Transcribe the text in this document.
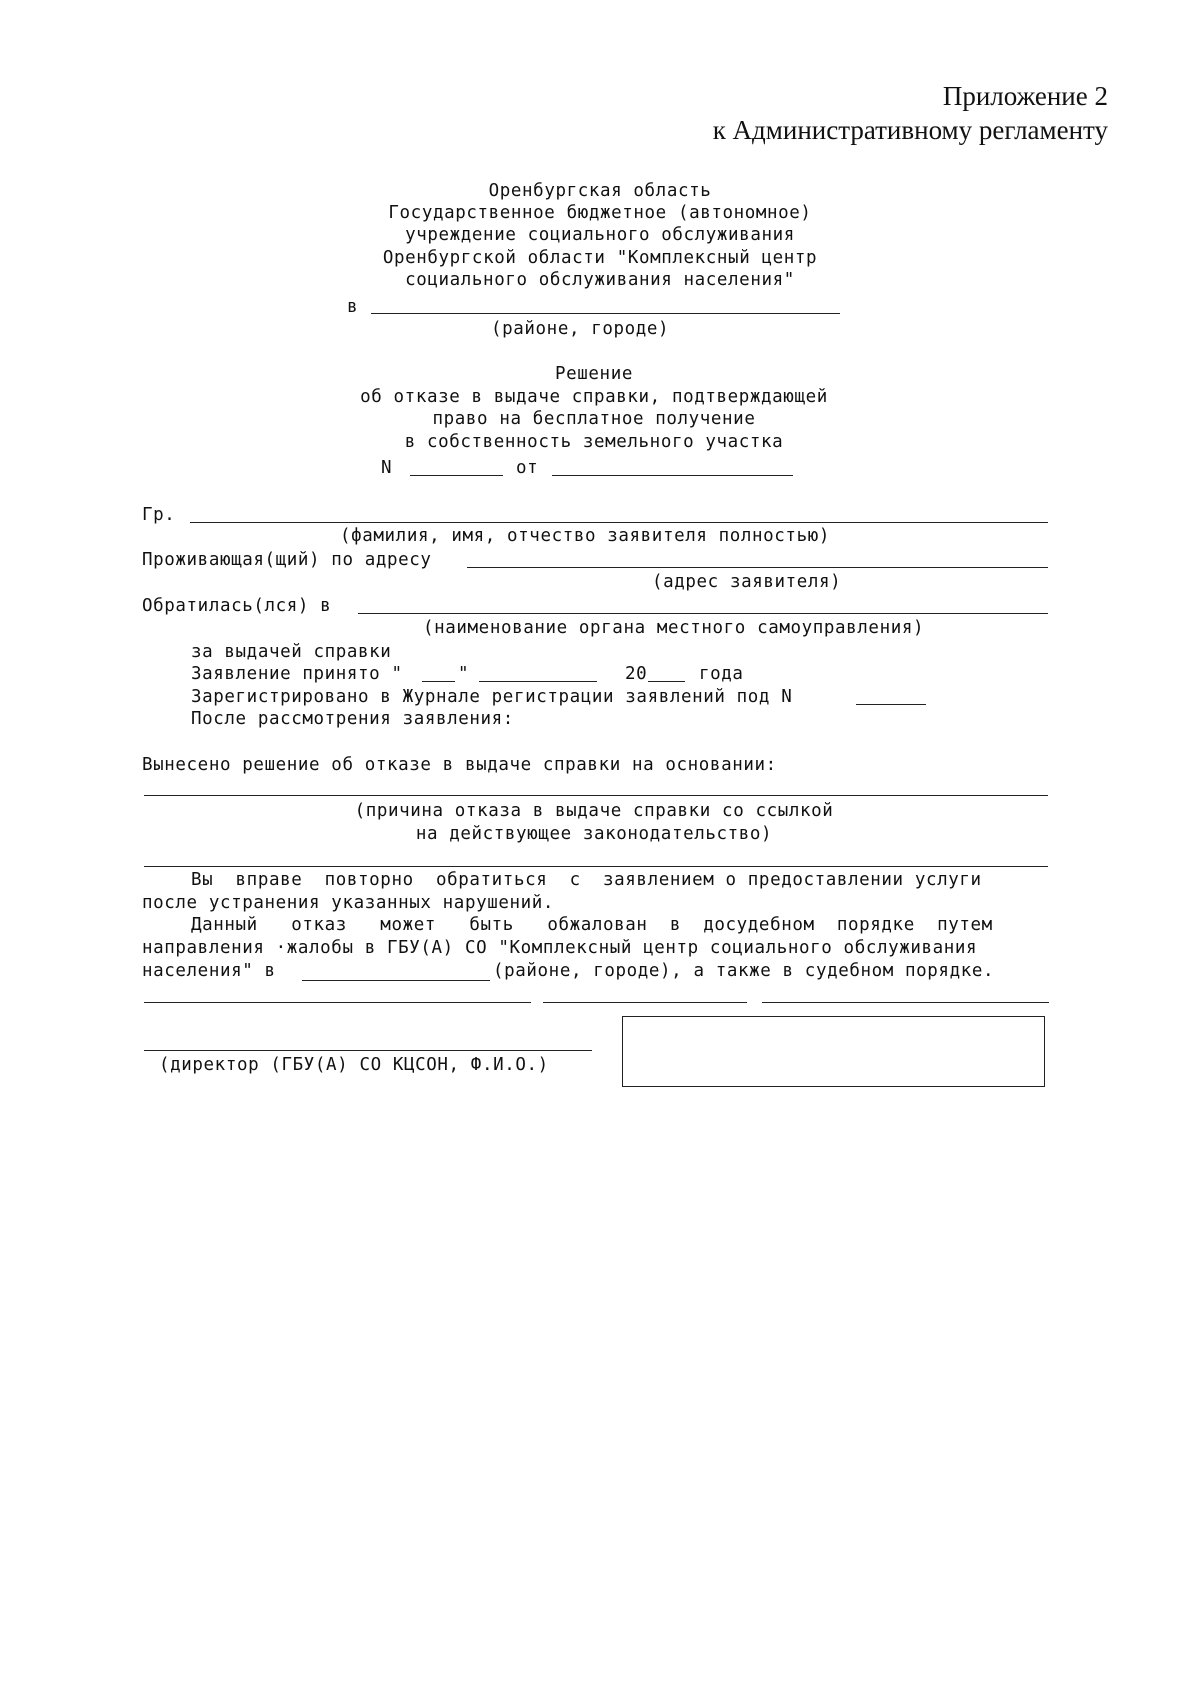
Приложение 2
к Административному регламенту
Оренбургская область
Государственное бюджетное (автономное)
учреждение социального обслуживания
Оренбургской области "Комплексный центр
социального обслуживания населения"
в
(районе, городе)
Решение
об отказе в выдаче справки, подтверждающей
право на бесплатное получение
в собственность земельного участка
N	от
Гр.
(фамилия, имя, отчество заявителя полностью)
Проживающая(щий) по адресу
(адрес заявителя)
Обратилась(лся) в
(наименование органа местного самоуправления)
за выдачей справки
Заявление принято "	"	20	года
Зарегистрировано в Журнале регистрации заявлений под N
После рассмотрения заявления:
Вынесено решение об отказе в выдаче справки на основании:
(причина отказа в выдаче справки со ссылкой
на действующее законодательство)
Вы  вправе  повторно  обратиться  с  заявлением о предоставлении услуги
после устранения указанных нарушений.
Данный   отказ   может   быть   обжалован  в  досудебном  порядке  путем
направления ·жалобы в ГБУ(А) СО "Комплексный центр социального обслуживания
населения" в	(районе, городе), а также в судебном порядке.
(директор (ГБУ(А) СО КЦСОН, Ф.И.О.)
